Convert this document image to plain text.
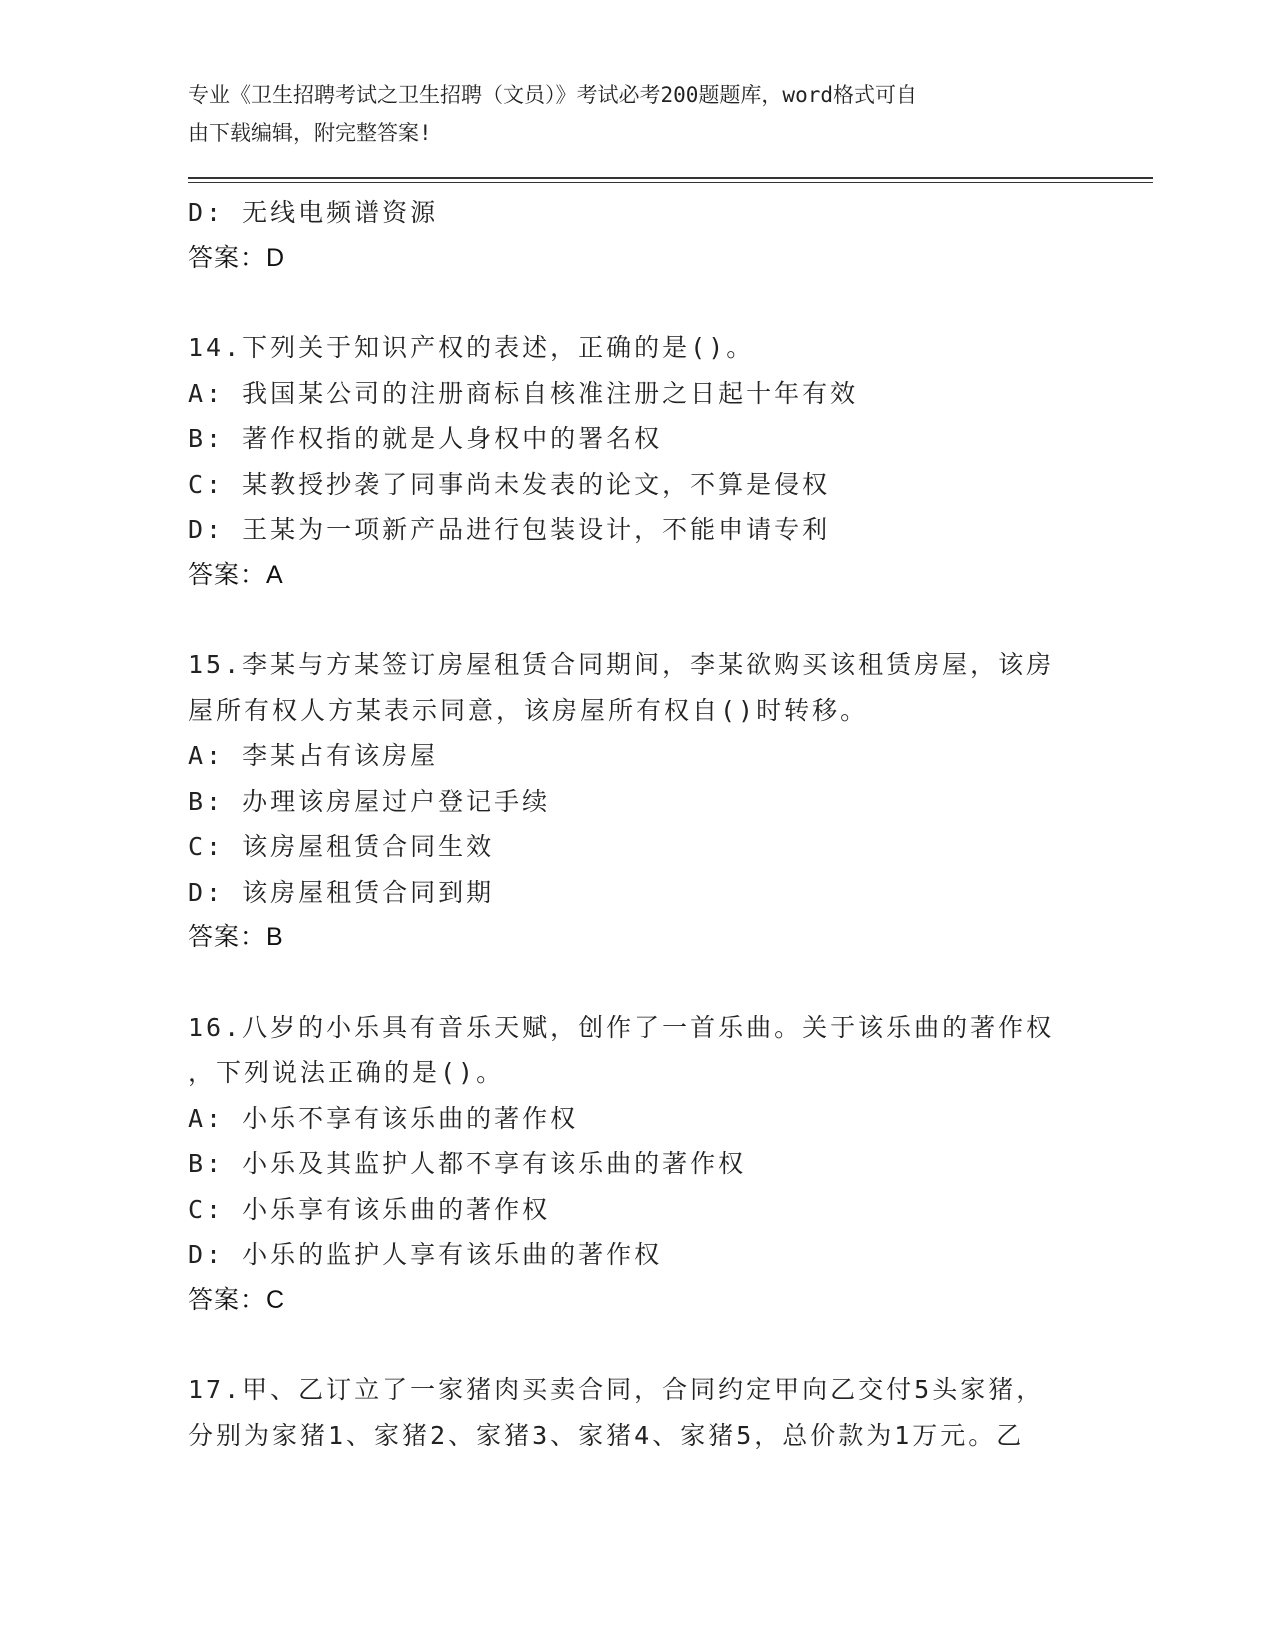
专业《卫生招聘考试之卫生招聘（文员）》考试必考200题题库，word格式可自
由下载编辑，附完整答案!
D: 无线电频谱资源
答案：D
14.下列关于知识产权的表述，正确的是()。
A: 我国某公司的注册商标自核准注册之日起十年有效
B: 著作权指的就是人身权中的署名权
C: 某教授抄袭了同事尚未发表的论文，不算是侵权
D: 王某为一项新产品进行包装设计，不能申请专利
答案：A
15.李某与方某签订房屋租赁合同期间，李某欲购买该租赁房屋，该房
屋所有权人方某表示同意，该房屋所有权自()时转移。
A: 李某占有该房屋
B: 办理该房屋过户登记手续
C: 该房屋租赁合同生效
D: 该房屋租赁合同到期
答案：B
16.八岁的小乐具有音乐天赋，创作了一首乐曲。关于该乐曲的著作权
，下列说法正确的是()。
A: 小乐不享有该乐曲的著作权
B: 小乐及其监护人都不享有该乐曲的著作权
C: 小乐享有该乐曲的著作权
D: 小乐的监护人享有该乐曲的著作权
答案：C
17.甲、乙订立了一家猪肉买卖合同，合同约定甲向乙交付5头家猪，
分别为家猪1、家猪2、家猪3、家猪4、家猪5，总价款为1万元。乙
